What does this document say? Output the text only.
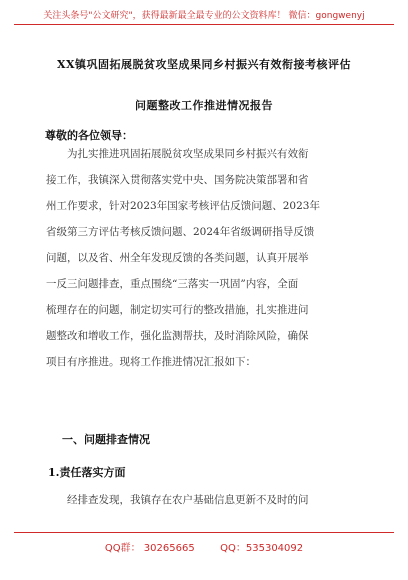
关注头条号"公文研究"，获得最新最全最专业的公文资料库！ 微信：gongwenyj
XX镇巩固拓展脱贫攻坚成果同乡村振兴有效衔接考核评估
问题整改工作推进情况报告
尊敬的各位领导：
为扎实推进巩固拓展脱贫攻坚成果同乡村振兴有效衔
接工作，我镇深入贯彻落实党中央、国务院决策部署和省
州工作要求，针对2023年国家考核评估反馈问题、2023年
省级第三方评估考核反馈问题、2024年省级调研指导反馈
问题，以及省、州全年发现反馈的各类问题，认真开展举
一反三问题排查，重点围绕“三落实一巩固”内容，全面
梳理存在的问题，制定切实可行的整改措施，扎实推进问
题整改和增收工作，强化监测帮扶，及时消除风险，确保
项目有序推进。现将工作推进情况汇报如下：
一、问题排查情况
1.责任落实方面
经排查发现，我镇存在农户基础信息更新不及时的问
QQ群： 30265665	QQ：535304092
